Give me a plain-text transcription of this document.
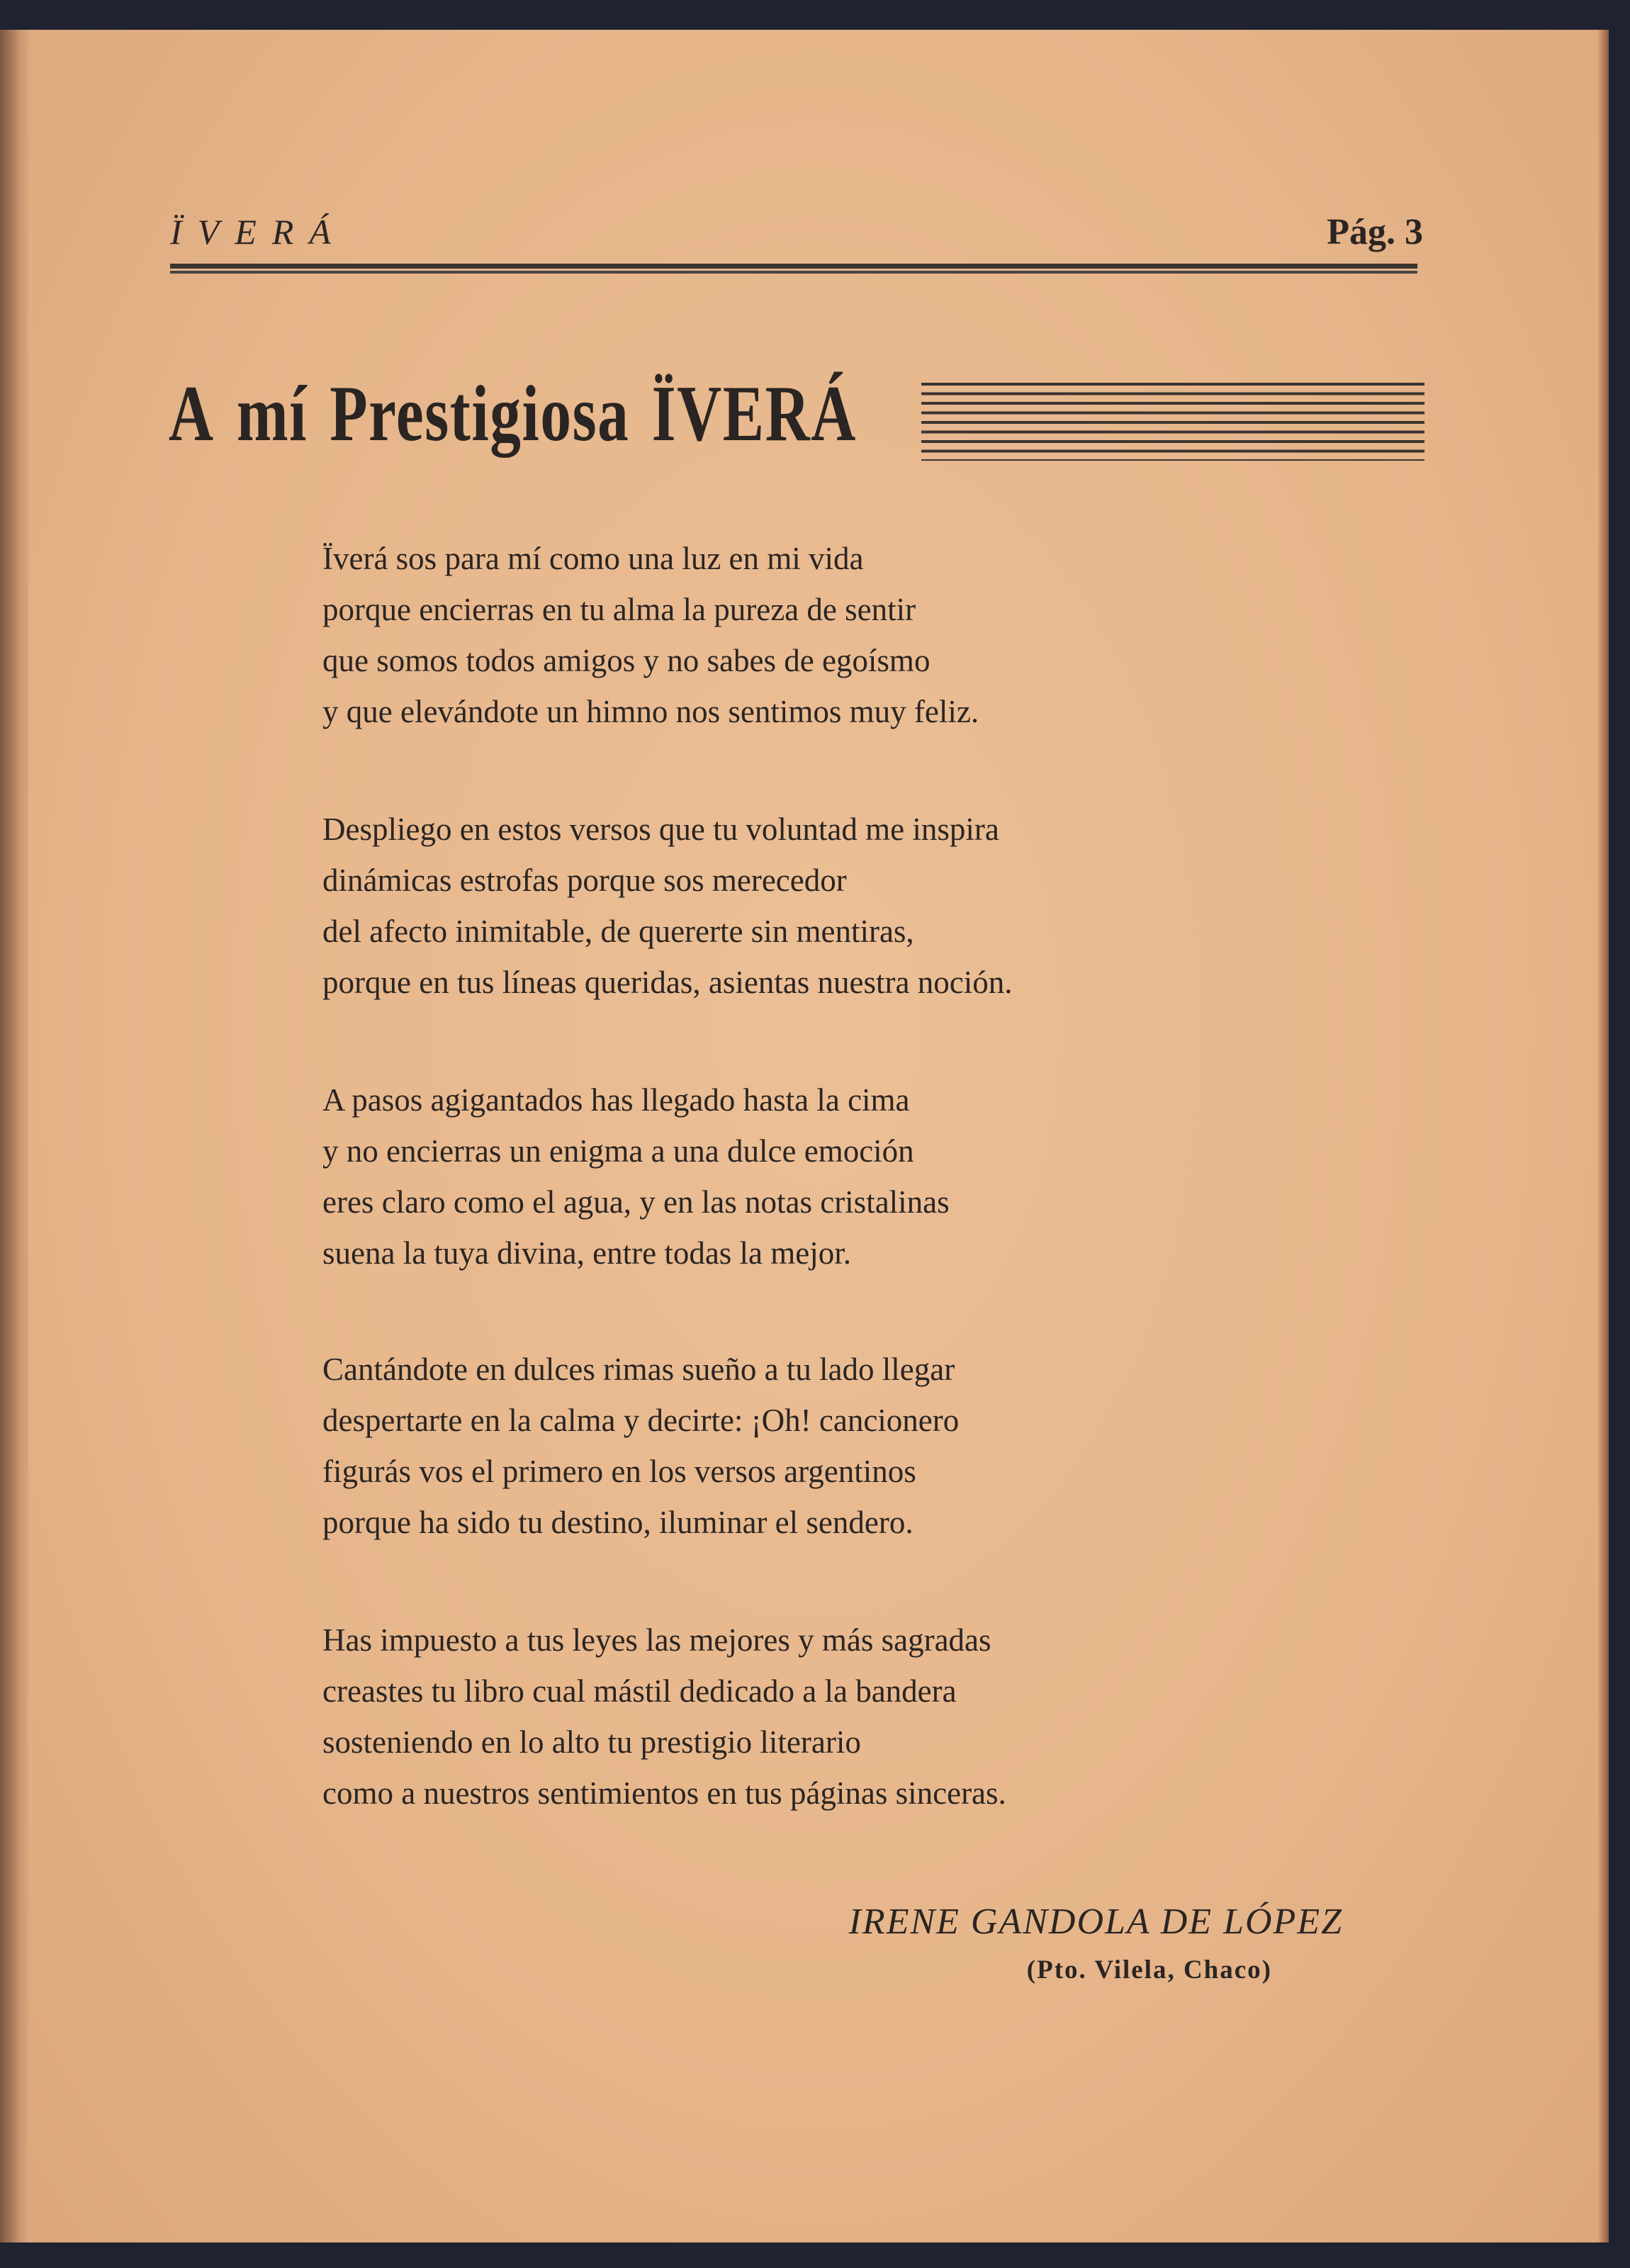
ÏVERÁ	Pág. 3
A mí Prestigiosa ÏVERÁ
Ïverá sos para mí como una luz en mi vida
porque encierras en tu alma la pureza de sentir
que somos todos amigos y no sabes de egoísmo
y que elevándote un himno nos sentimos muy feliz.
Despliego en estos versos que tu voluntad me inspira
dinámicas estrofas porque sos merecedor
del afecto inimitable, de quererte sin mentiras,
porque en tus líneas queridas, asientas nuestra noción.
A pasos agigantados has llegado hasta la cima
y no encierras un enigma a una dulce emoción
eres claro como el agua, y en las notas cristalinas
suena la tuya divina, entre todas la mejor.
Cantándote en dulces rimas sueño a tu lado llegar
despertarte en la calma y decirte: ¡Oh! cancionero
figurás vos el primero en los versos argentinos
porque ha sido tu destino, iluminar el sendero.
Has impuesto a tus leyes las mejores y más sagradas
creastes tu libro cual mástil dedicado a la bandera
sosteniendo en lo alto tu prestigio literario
como a nuestros sentimientos en tus páginas sinceras.
IRENE GANDOLA DE LÓPEZ
(Pto. Vilela, Chaco)
